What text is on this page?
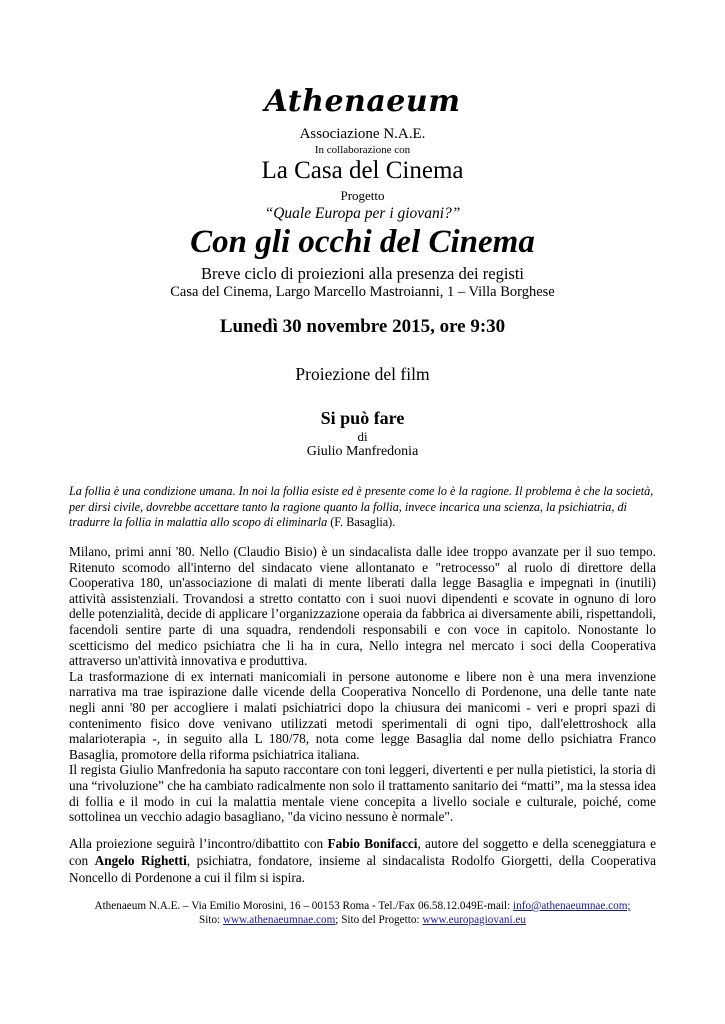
Athenaeum
Associazione N.A.E.
In collaborazione con
La Casa del Cinema
Progetto
“Quale Europa per i giovani?”
Con gli occhi del Cinema
Breve ciclo di proiezioni alla presenza dei registi
Casa del Cinema, Largo Marcello Mastroianni, 1 – Villa Borghese
Lunedì 30 novembre 2015, ore 9:30
Proiezione del film
Si può fare
di
Giulio Manfredonia
La follia è una condizione umana. In noi la follia esiste ed è presente come lo è la ragione. Il problema è che la società, per dirsi civile, dovrebbe accettare tanto la ragione quanto la follia, invece incarica una scienza, la psichiatria, di tradurre la follia in malattia allo scopo di eliminarla (F. Basaglia).

Milano, primi anni '80. Nello (Claudio Bisio) è un sindacalista dalle idee troppo avanzate per il suo tempo. Ritenuto scomodo all'interno del sindacato viene allontanato e "retrocesso" al ruolo di direttore della Cooperativa 180, un'associazione di malati di mente liberati dalla legge Basaglia e impegnati in (inutili) attività assistenziali. Trovandosi a stretto contatto con i suoi nuovi dipendenti e scovate in ognuno di loro delle potenzialità, decide di applicare l’organizzazione operaia da fabbrica ai diversamente abili, rispettandoli, facendoli sentire parte di una squadra, rendendoli responsabili e con voce in capitolo. Nonostante lo scetticismo del medico psichiatra che li ha in cura, Nello integra nel mercato i soci della Cooperativa attraverso un'attività innovativa e produttiva.

La trasformazione di ex internati manicomiali in persone autonome e libere non è una mera invenzione narrativa ma trae ispirazione dalle vicende della Cooperativa Noncello di Pordenone, una delle tante nate negli anni '80 per accogliere i malati psichiatrici dopo la chiusura dei manicomi - veri e propri spazi di contenimento fisico dove venivano utilizzati metodi sperimentali di ogni tipo, dall'elettroshock alla malarioterapia -, in seguito alla L 180/78, nota come legge Basaglia dal nome dello psichiatra Franco Basaglia, promotore della riforma psichiatrica italiana.

Il regista Giulio Manfredonia ha saputo raccontare con toni leggeri, divertenti e per nulla pietistici, la storia di una “rivoluzione” che ha cambiato radicalmente non solo il trattamento sanitario dei “matti”, ma la stessa idea di follia e il modo in cui la malattia mentale viene concepita a livello sociale e culturale, poiché, come sottolinea un vecchio adagio basagliano, "da vicino nessuno è normale".

Alla proiezione seguirà l’incontro/dibattito con Fabio Bonifacci, autore del soggetto e della sceneggiatura e con Angelo Righetti, psichiatra, fondatore, insieme al sindacalista Rodolfo Giorgetti, della Cooperativa Noncello di Pordenone a cui il film si ispira.
Athenaeum N.A.E. – Via Emilio Morosini, 16 – 00153 Roma - Tel./Fax 06.58.12.049E-mail: info@athenaeumnae.com;
Sito: www.athenaeumnae.com; Sito del Progetto: www.europagiovani.eu
